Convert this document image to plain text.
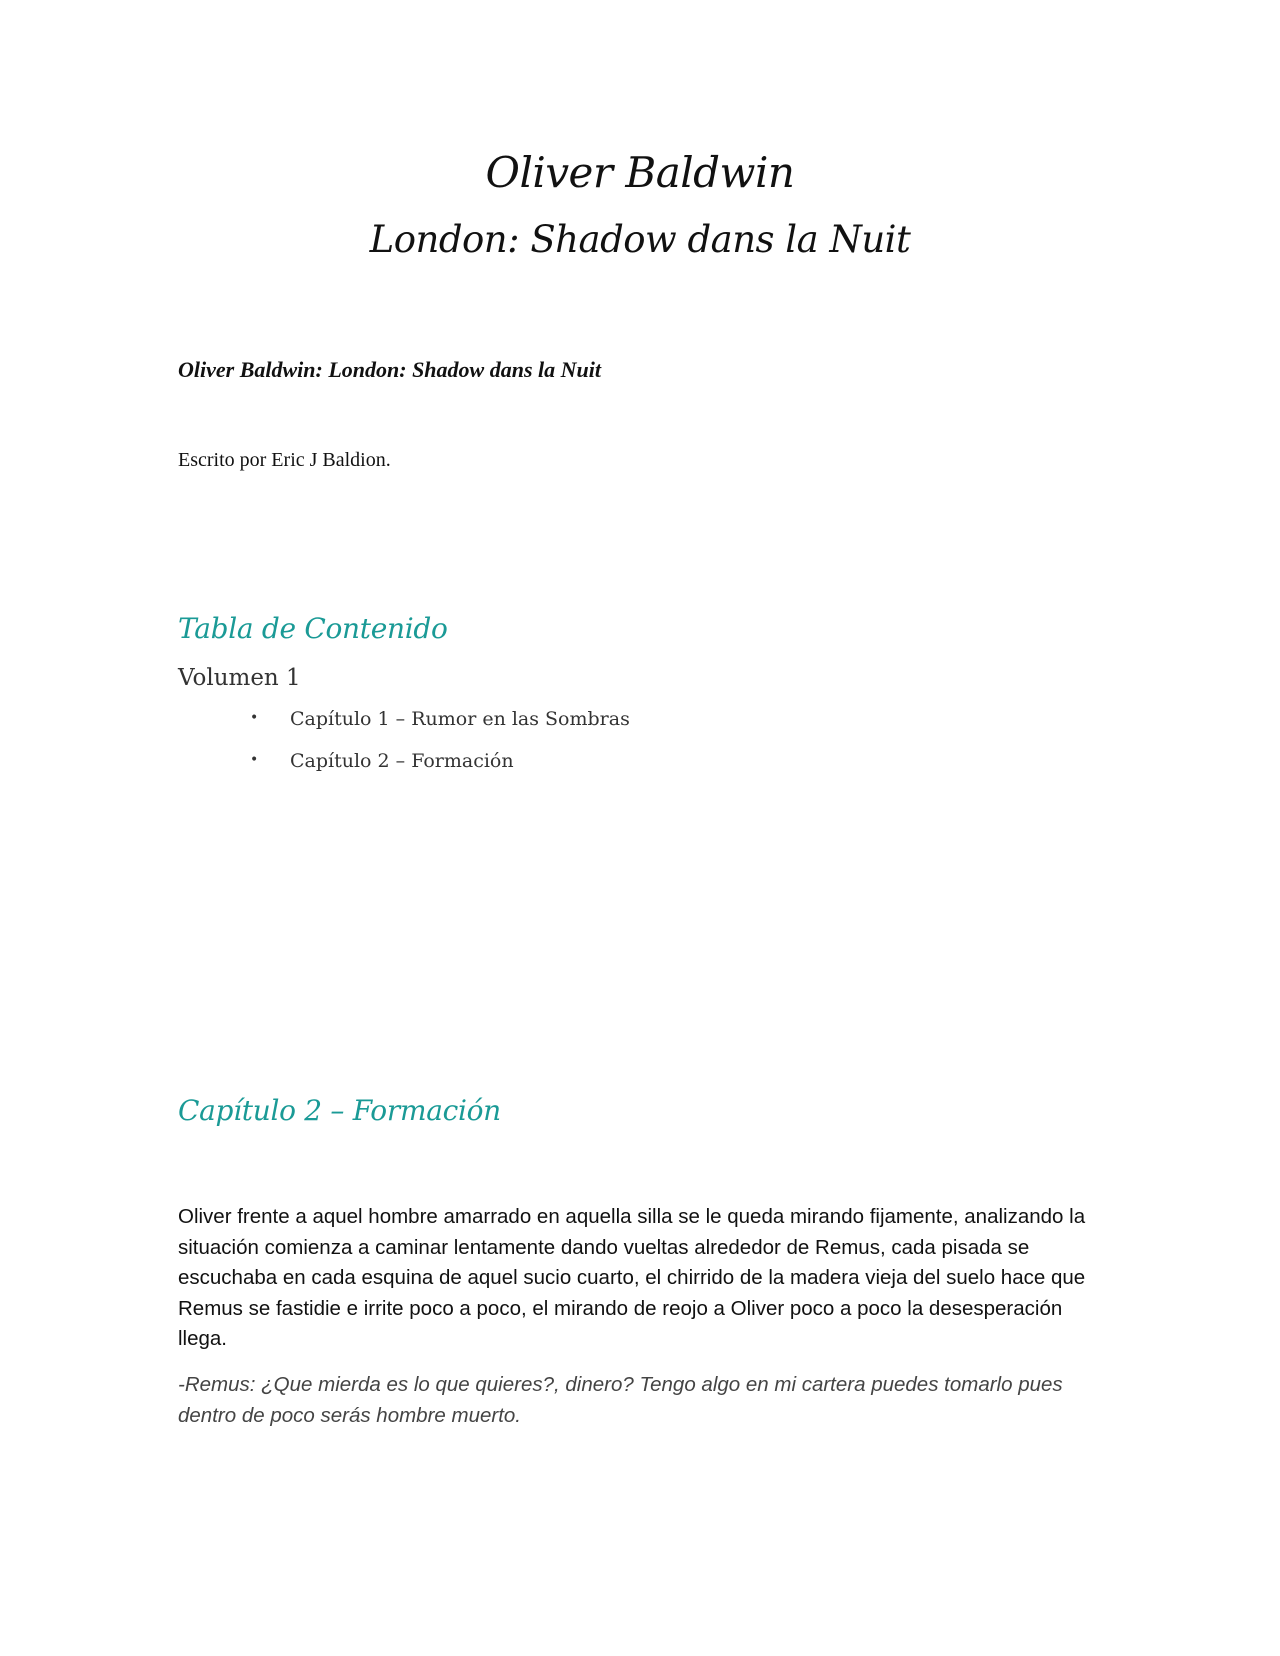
Oliver Baldwin
London: Shadow dans la Nuit

Oliver Baldwin: London: Shadow dans la Nuit

Escrito por Eric J Baldion.

Tabla de Contenido
Volumen 1
• Capítulo 1 – Rumor en las Sombras
• Capítulo 2 – Formación
Capítulo 2 – Formación

Oliver frente a aquel hombre amarrado en aquella silla se le queda mirando fijamente, analizando la situación comienza a caminar lentamente dando vueltas alrededor de Remus, cada pisada se escuchaba en cada esquina de aquel sucio cuarto, el chirrido de la madera vieja del suelo hace que Remus se fastidie e irrite poco a poco, el mirando de reojo a Oliver poco a poco la desesperación llega.

-Remus: ¿Que mierda es lo que quieres?, dinero? Tengo algo en mi cartera puedes tomarlo pues dentro de poco serás hombre muerto.
